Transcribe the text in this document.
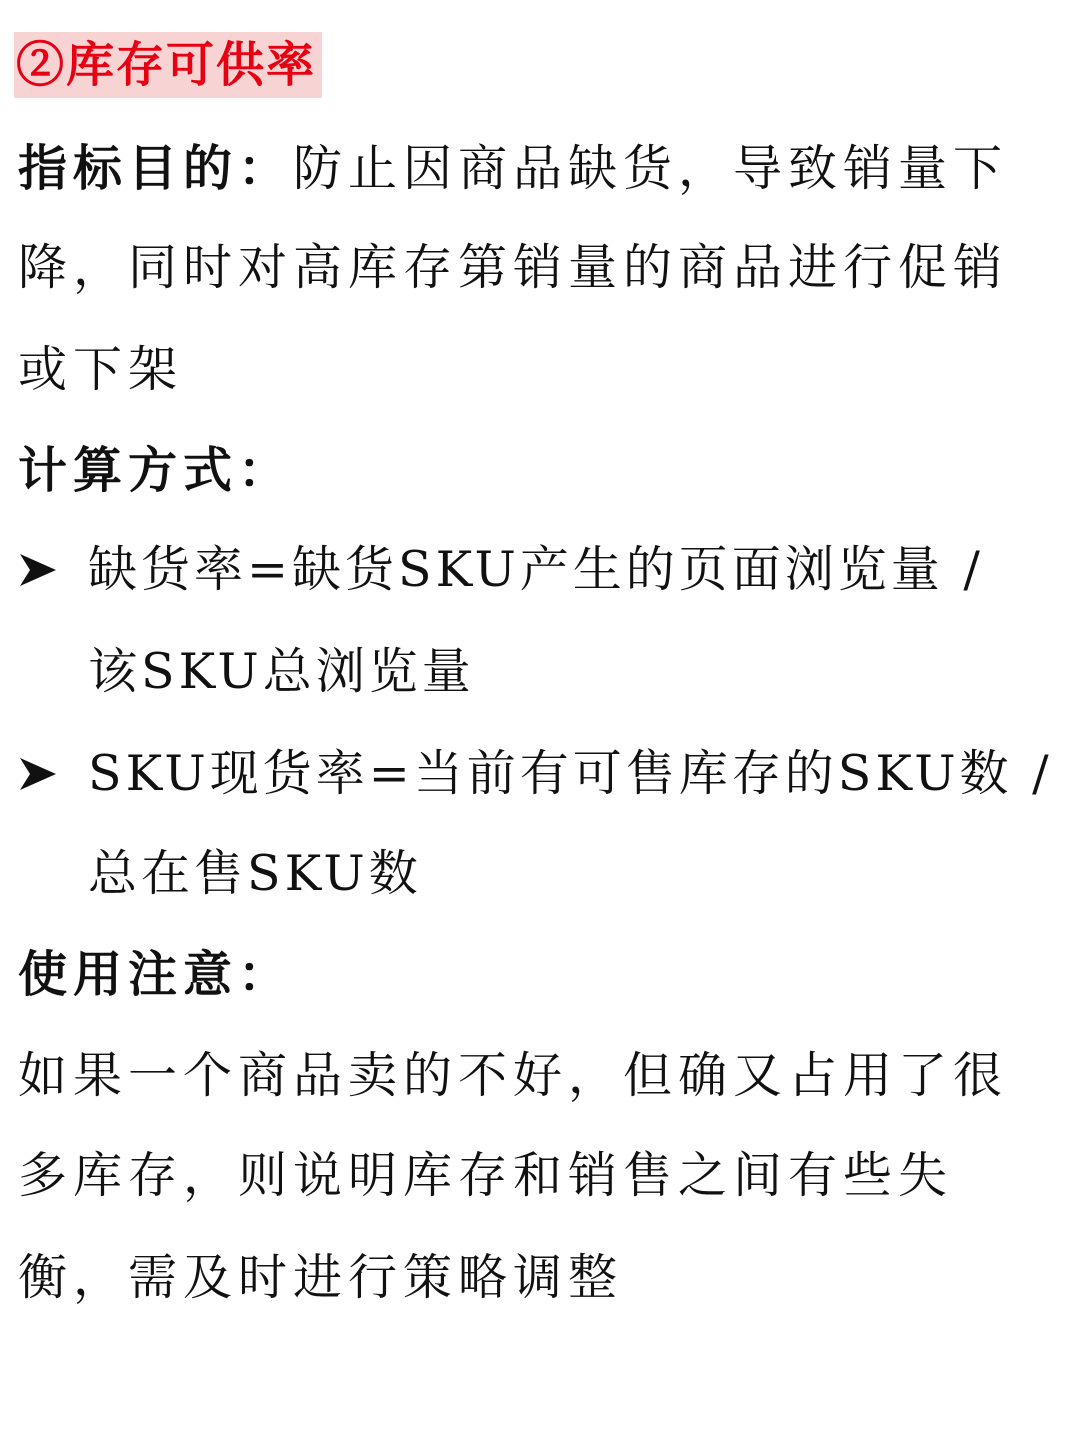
②库存可供率
指标目的：防止因商品缺货，导致销量下
降，同时对高库存第销量的商品进行促销
或下架
计算方式：
缺货率=缺货SKU产生的页面浏览量 /
该SKU总浏览量
SKU现货率=当前有可售库存的SKU数 /
总在售SKU数
使用注意：
如果一个商品卖的不好，但确又占用了很
多库存，则说明库存和销售之间有些失
衡，需及时进行策略调整
